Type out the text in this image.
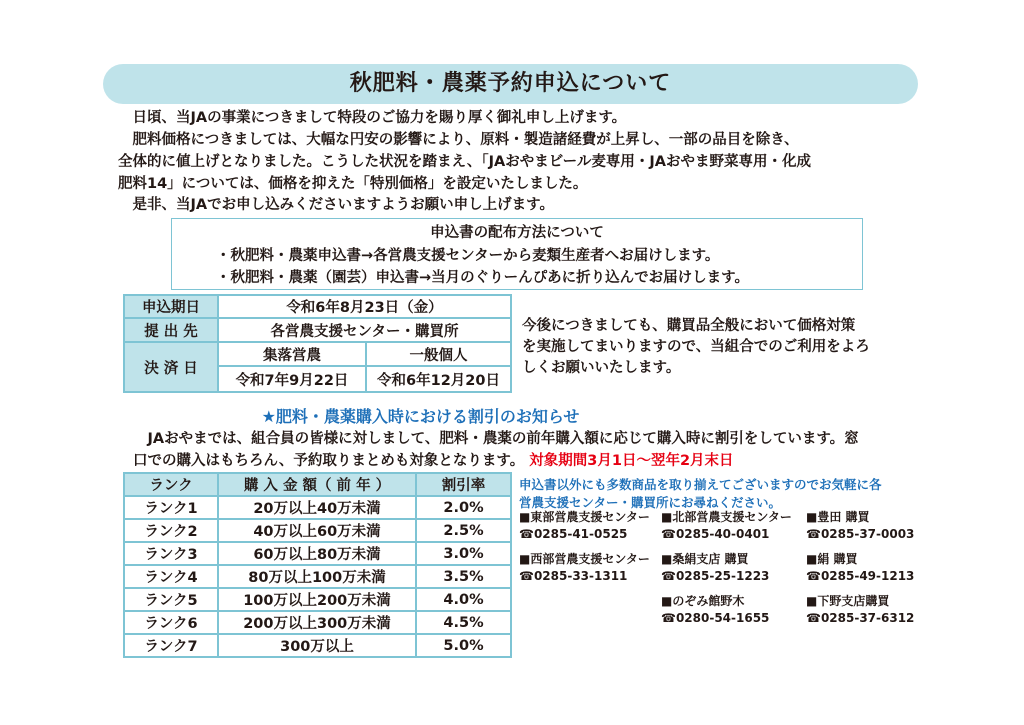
秋肥料・農薬予約申込について
　日頃、当JAの事業につきまして特段のご協力を賜り厚く御礼申し上げます。
　肥料価格につきましては、大幅な円安の影響により、原料・製造諸経費が上昇し、一部の品目を除き、
全体的に値上げとなりました。こうした状況を踏まえ、「JAおやまビール麦専用・JAおやま野菜専用・化成
肥料14」については、価格を抑えた「特別価格」を設定いたしました。
　是非、当JAでお申し込みくださいますようお願い申し上げます。
申込書の配布方法について
・秋肥料・農薬申込書→各営農支援センターから麦類生産者へお届けします。
・秋肥料・農薬（園芸）申込書→当月のぐりーんぴあに折り込んでお届けします。
申込期日	令和6年8月23日（金）	
提 出 先	各営農支援センター・購買所	
決 済 日	集落営農	一般個人
	令和7年9月22日	令和6年12月20日
今後につきましても、購買品全般において価格対策
を実施してまいりますので、当組合でのご利用をよろ
しくお願いいたします。
★肥料・農薬購入時における割引のお知らせ
　JAおやまでは、組合員の皆様に対しまして、肥料・農薬の前年購入額に応じて購入時に割引をしています。窓
口での購入はもちろん、予約取りまとめも対象となります。 対象期間3月1日～翌年2月末日
ランク	購 入 金 額（ 前 年 ）	割引率
ランク1	20万以上40万未満	2.0%
ランク2	40万以上60万未満	2.5%
ランク3	60万以上80万未満	3.0%
ランク4	80万以上100万未満	3.5%
ランク5	100万以上200万未満	4.0%
ランク6	200万以上300万未満	4.5%
ランク7	300万以上	5.0%
申込書以外にも多数商品を取り揃えてございますのでお気軽に各
営農支援センター・購買所にお尋ねください。
■東部営農支援センター
☎0285-41-0525
■北部営農支援センター
☎0285-40-0401
■豊田 購買
☎0285-37-0003
■西部営農支援センター
☎0285-33-1311
■桑絹支店 購買
☎0285-25-1223
■絹 購買
☎0285-49-1213
■のぞみ館野木
☎0280-54-1655
■下野支店購買
☎0285-37-6312
